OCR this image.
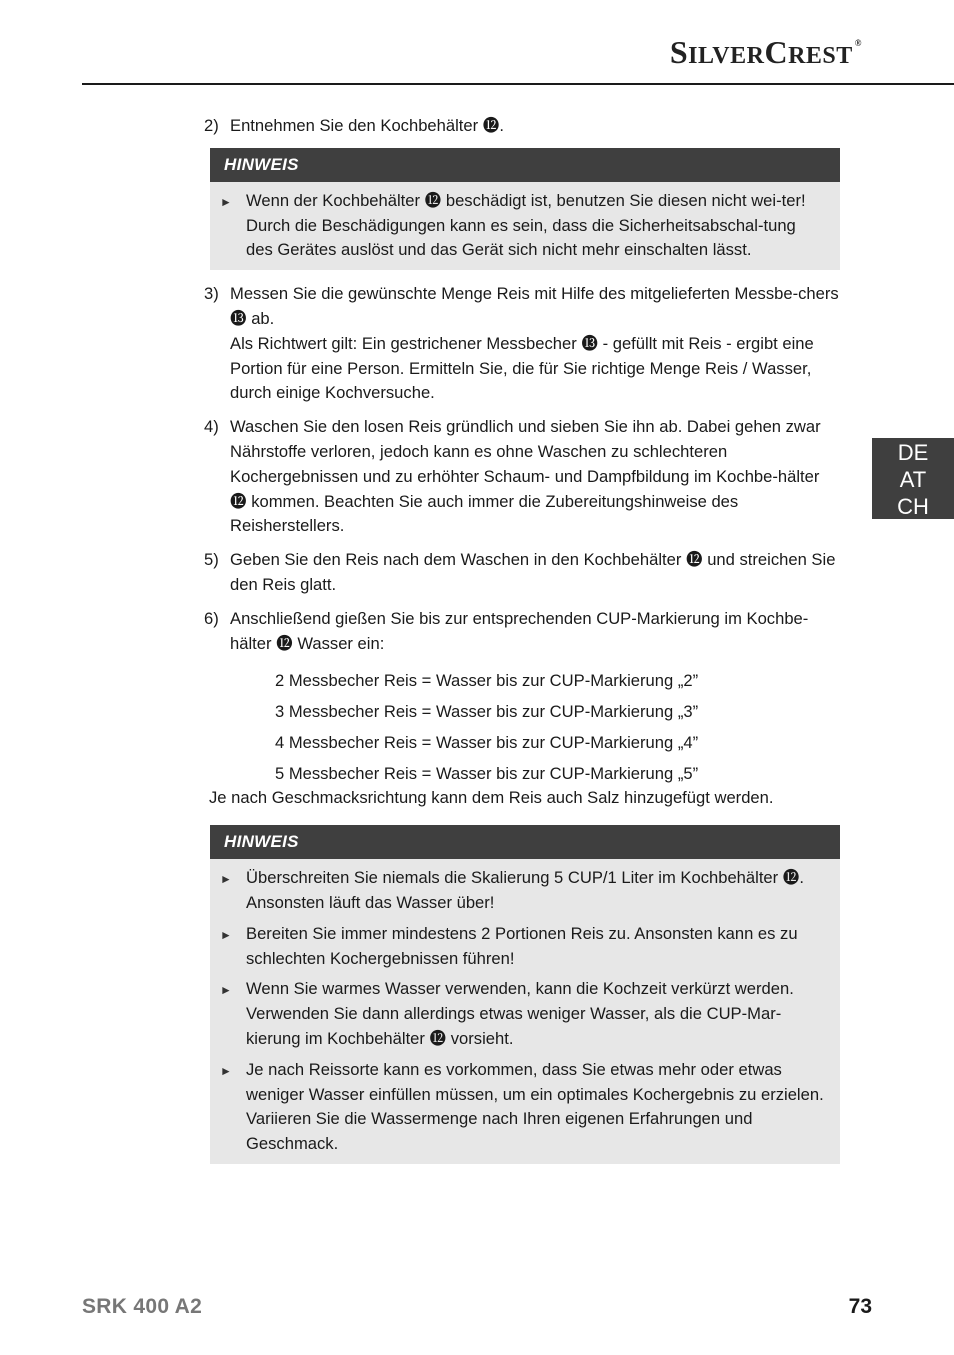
SILVERCREST ®
2) Entnehmen Sie den Kochbehälter ⓬.
HINWEIS
► Wenn der Kochbehälter ⓬ beschädigt ist, benutzen Sie diesen nicht wei-ter! Durch die Beschädigungen kann es sein, dass die Sicherheitsabschal-tung des Gerätes auslöst und das Gerät sich nicht mehr einschalten lässt.
3) Messen Sie die gewünschte Menge Reis mit Hilfe des mitgelieferten Messbe-chers ⓭ ab.
Als Richtwert gilt: Ein gestrichener Messbecher ⓭ - gefüllt mit Reis - ergibt eine Portion für eine Person. Ermitteln Sie, die für Sie richtige Menge Reis / Wasser, durch einige Kochversuche.
4) Waschen Sie den losen Reis gründlich und sieben Sie ihn ab. Dabei gehen zwar Nährstoffe verloren, jedoch kann es ohne Waschen zu schlechteren Kochergebnissen und zu erhöhter Schaum- und Dampfbildung im Kochbe-hälter ⓬ kommen. Beachten Sie auch immer die Zubereitungshinweise des Reisherstellers.
5) Geben Sie den Reis nach dem Waschen in den Kochbehälter ⓬ und streichen Sie den Reis glatt.
6) Anschließend gießen Sie bis zur entsprechenden CUP-Markierung im Kochbe-hälter ⓬ Wasser ein:
2 Messbecher Reis = Wasser bis zur CUP-Markierung „2”
3 Messbecher Reis = Wasser bis zur CUP-Markierung „3”
4 Messbecher Reis = Wasser bis zur CUP-Markierung „4”
5 Messbecher Reis = Wasser bis zur CUP-Markierung „5”
Je nach Geschmacksrichtung kann dem Reis auch Salz hinzugefügt werden.
HINWEIS
► Überschreiten Sie niemals die Skalierung 5 CUP/1 Liter im Kochbehälter ⓬. Ansonsten läuft das Wasser über!
► Bereiten Sie immer mindestens 2 Portionen Reis zu. Ansonsten kann es zu schlechten Kochergebnissen führen!
► Wenn Sie warmes Wasser verwenden, kann die Kochzeit verkürzt werden. Verwenden Sie dann allerdings etwas weniger Wasser, als die CUP-Mar-kierung im Kochbehälter ⓬ vorsieht.
► Je nach Reissorte kann es vorkommen, dass Sie etwas mehr oder etwas weniger Wasser einfüllen müssen, um ein optimales Kochergebnis zu erzielen. Variieren Sie die Wassermenge nach Ihren eigenen Erfahrungen und Geschmack.
DE
AT
CH
SRK 400 A2	73
